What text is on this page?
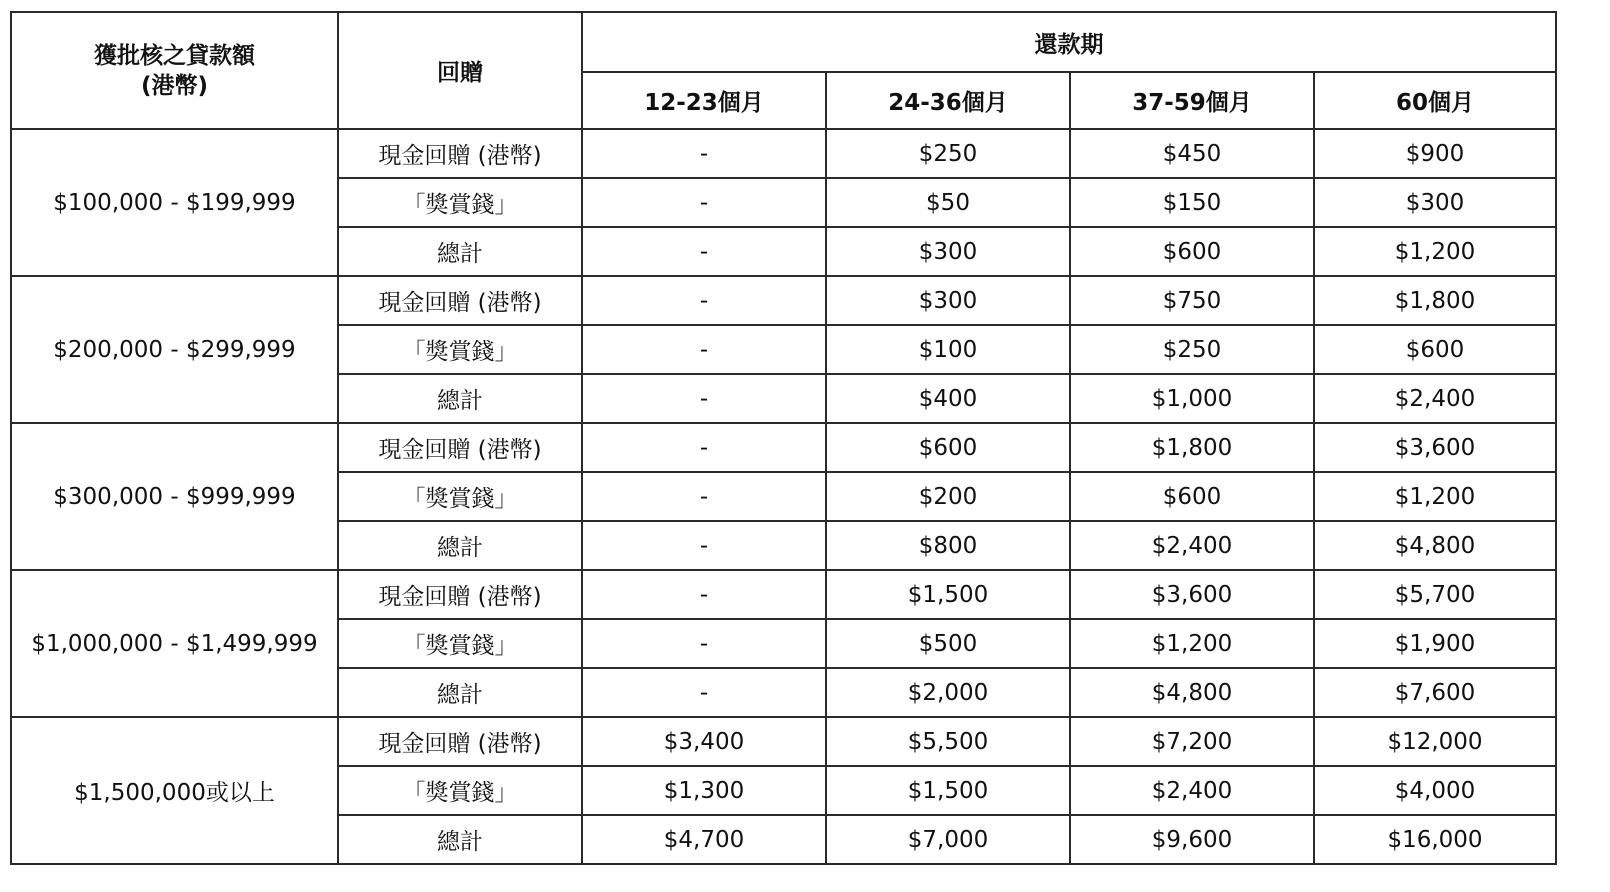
獲批核之貸款額
(港幣)	回贈	還款期			
		12-23個月	24-36個月	37-59個月	60個月
$100,000 - $199,999	現金回贈 (港幣)	-	$250	$450	$900
	「獎賞錢」	-	$50	$150	$300
	總計	-	$300	$600	$1,200
$200,000 - $299,999	現金回贈 (港幣)	-	$300	$750	$1,800
	「獎賞錢」	-	$100	$250	$600
	總計	-	$400	$1,000	$2,400
$300,000 - $999,999	現金回贈 (港幣)	-	$600	$1,800	$3,600
	「獎賞錢」	-	$200	$600	$1,200
	總計	-	$800	$2,400	$4,800
$1,000,000 - $1,499,999	現金回贈 (港幣)	-	$1,500	$3,600	$5,700
	「獎賞錢」	-	$500	$1,200	$1,900
	總計	-	$2,000	$4,800	$7,600
$1,500,000或以上	現金回贈 (港幣)	$3,400	$5,500	$7,200	$12,000
	「獎賞錢」	$1,300	$1,500	$2,400	$4,000
	總計	$4,700	$7,000	$9,600	$16,000
